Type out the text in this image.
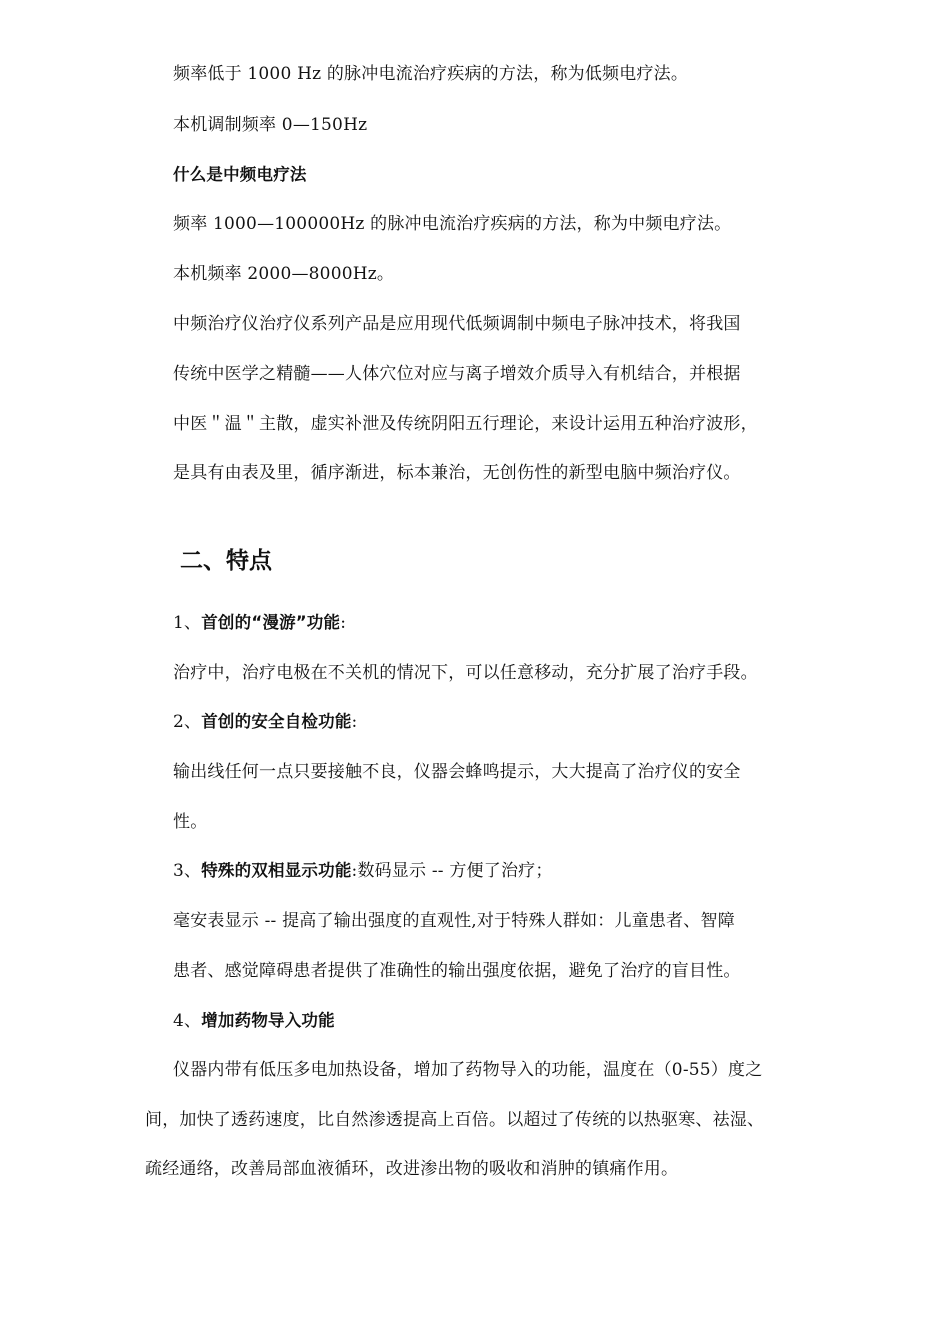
频率低于 1000 Hz 的脉冲电流治疗疾病的方法，称为低频电疗法。
本机调制频率 0—150Hz
什么是中频电疗法
频率 1000—100000Hz 的脉冲电流治疗疾病的方法，称为中频电疗法。
本机频率 2000—8000Hz。
中频治疗仪治疗仪系列产品是应用现代低频调制中频电子脉冲技术，将我国
传统中医学之精髓——人体穴位对应与离子增效介质导入有机结合，并根据
中医＂温＂主散，虚实补泄及传统阴阳五行理论，来设计运用五种治疗波形，
是具有由表及里，循序渐进，标本兼治，无创伤性的新型电脑中频治疗仪。
二、特点
1、首创的“漫游”功能:
治疗中，治疗电极在不关机的情况下，可以任意移动，充分扩展了治疗手段。
2、首创的安全自检功能:
输出线任何一点只要接触不良，仪器会蜂鸣提示，大大提高了治疗仪的安全
性。
3、特殊的双相显示功能:数码显示 -- 方便了治疗；
毫安表显示 -- 提高了输出强度的直观性,对于特殊人群如：儿童患者、智障
患者、感觉障碍患者提供了准确性的输出强度依据，避免了治疗的盲目性。
4、增加药物导入功能
仪器内带有低压多电加热设备，增加了药物导入的功能，温度在（0-55）度之
间，加快了透药速度，比自然渗透提高上百倍。以超过了传统的以热驱寒、祛湿、
疏经通络，改善局部血液循环，改进渗出物的吸收和消肿的镇痛作用。
